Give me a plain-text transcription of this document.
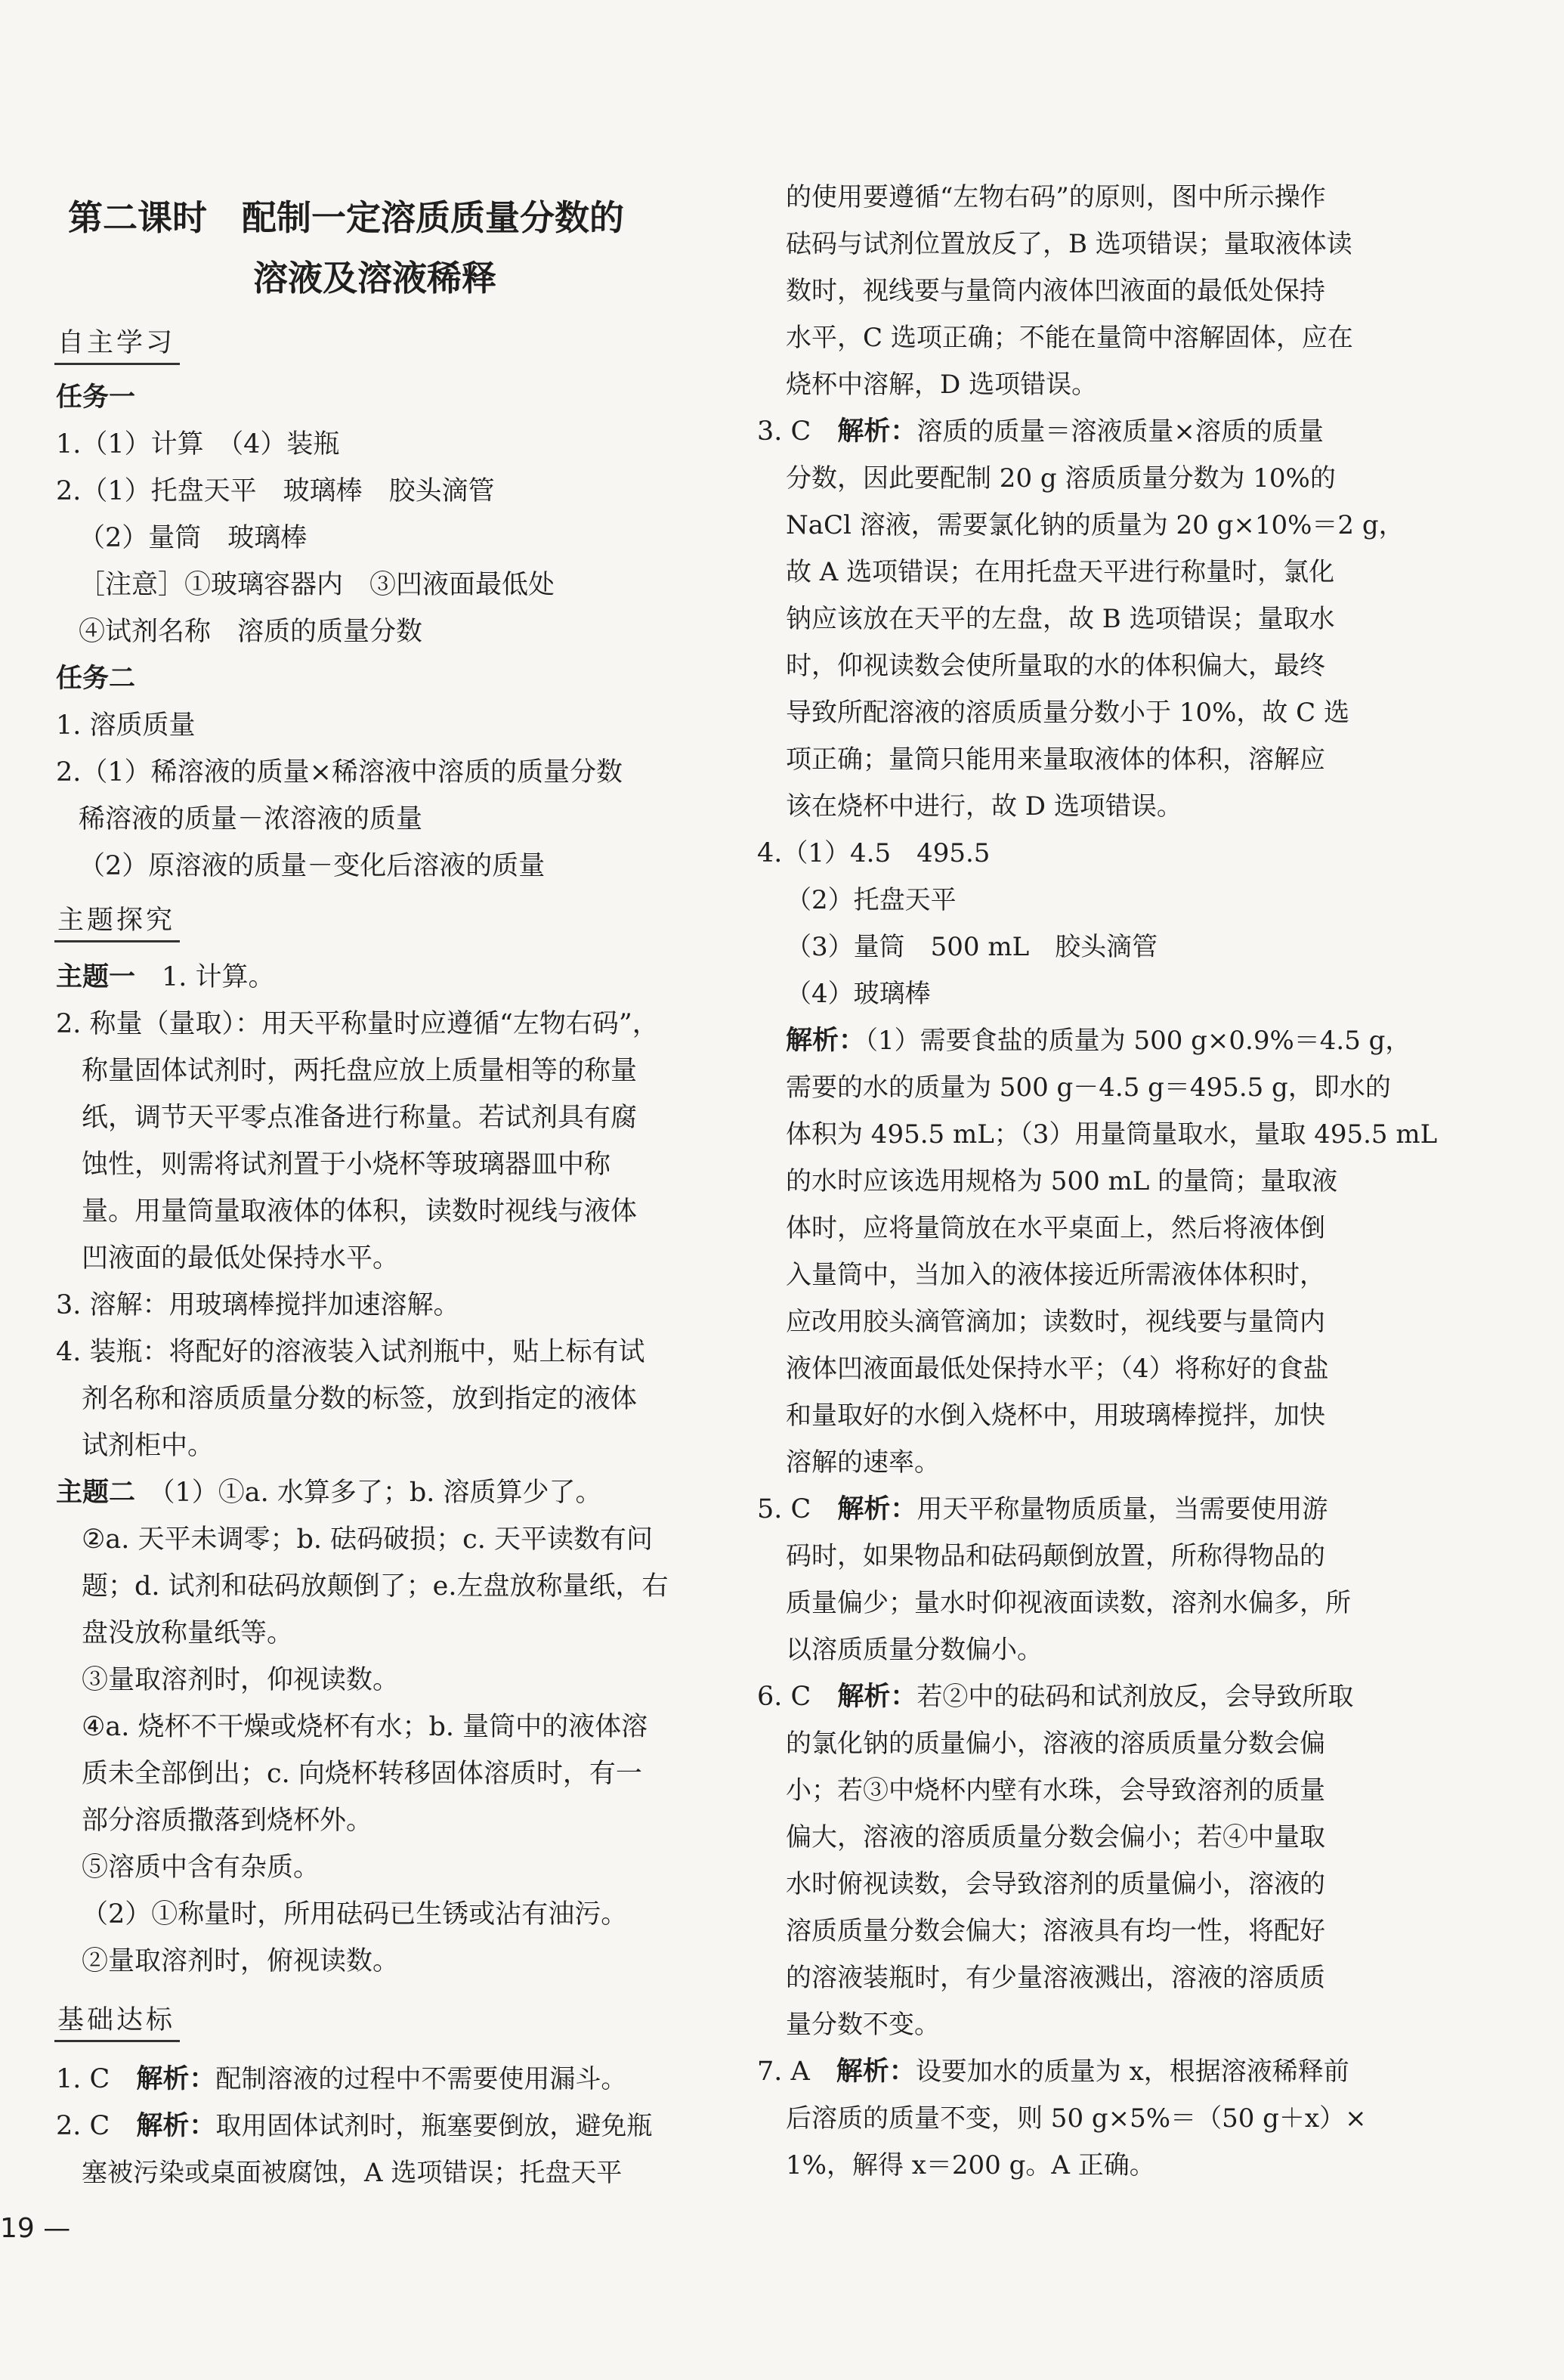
第二课时　配制一定溶质质量分数的
溶液及溶液稀释
自主学习
主题探究
基础达标
任务一
1.（1）计算　（4）装瓶
2.（1）托盘天平　玻璃棒　胶头滴管
（2）量筒　玻璃棒
［注意］①玻璃容器内　③凹液面最低处
④试剂名称　溶质的质量分数
任务二
1. 溶质质量
2.（1）稀溶液的质量×稀溶液中溶质的质量分数
稀溶液的质量－浓溶液的质量
（2）原溶液的质量－变化后溶液的质量
主题一　1. 计算。
2. 称量（量取）：用天平称量时应遵循“左物右码”，
称量固体试剂时，两托盘应放上质量相等的称量
纸，调节天平零点准备进行称量。若试剂具有腐
蚀性，则需将试剂置于小烧杯等玻璃器皿中称
量。用量筒量取液体的体积，读数时视线与液体
凹液面的最低处保持水平。
3. 溶解：用玻璃棒搅拌加速溶解。
4. 装瓶：将配好的溶液装入试剂瓶中，贴上标有试
剂名称和溶质质量分数的标签，放到指定的液体
试剂柜中。
主题二　（1）①a. 水算多了；b. 溶质算少了。
②a. 天平未调零；b. 砝码破损；c. 天平读数有问
题；d. 试剂和砝码放颠倒了；e.左盘放称量纸，右
盘没放称量纸等。
③量取溶剂时，仰视读数。
④a. 烧杯不干燥或烧杯有水；b. 量筒中的液体溶
质未全部倒出；c. 向烧杯转移固体溶质时，有一
部分溶质撒落到烧杯外。
⑤溶质中含有杂质。
（2）①称量时，所用砝码已生锈或沾有油污。
②量取溶剂时，俯视读数。
1. C　解析：配制溶液的过程中不需要使用漏斗。
2. C　解析：取用固体试剂时，瓶塞要倒放，避免瓶
塞被污染或桌面被腐蚀，A 选项错误；托盘天平
的使用要遵循“左物右码”的原则，图中所示操作
砝码与试剂位置放反了，B 选项错误；量取液体读
数时，视线要与量筒内液体凹液面的最低处保持
水平，C 选项正确；不能在量筒中溶解固体，应在
烧杯中溶解，D 选项错误。
3. C　解析：溶质的质量＝溶液质量×溶质的质量
分数，因此要配制 20 g 溶质质量分数为 10%的
NaCl 溶液，需要氯化钠的质量为 20 g×10%＝2 g，
故 A 选项错误；在用托盘天平进行称量时，氯化
钠应该放在天平的左盘，故 B 选项错误；量取水
时，仰视读数会使所量取的水的体积偏大，最终
导致所配溶液的溶质质量分数小于 10%，故 C 选
项正确；量筒只能用来量取液体的体积，溶解应
该在烧杯中进行，故 D 选项错误。
4.（1）4.5　495.5
（2）托盘天平
（3）量筒　500 mL　胶头滴管
（4）玻璃棒
解析：（1）需要食盐的质量为 500 g×0.9%＝4.5 g，
需要的水的质量为 500 g－4.5 g＝495.5 g，即水的
体积为 495.5 mL；（3）用量筒量取水，量取 495.5 mL
的水时应该选用规格为 500 mL 的量筒；量取液
体时，应将量筒放在水平桌面上，然后将液体倒
入量筒中，当加入的液体接近所需液体体积时，
应改用胶头滴管滴加；读数时，视线要与量筒内
液体凹液面最低处保持水平；（4）将称好的食盐
和量取好的水倒入烧杯中，用玻璃棒搅拌，加快
溶解的速率。
5. C　解析：用天平称量物质质量，当需要使用游
码时，如果物品和砝码颠倒放置，所称得物品的
质量偏少；量水时仰视液面读数，溶剂水偏多，所
以溶质质量分数偏小。
6. C　解析：若②中的砝码和试剂放反，会导致所取
的氯化钠的质量偏小，溶液的溶质质量分数会偏
小；若③中烧杯内壁有水珠，会导致溶剂的质量
偏大，溶液的溶质质量分数会偏小；若④中量取
水时俯视读数，会导致溶剂的质量偏小，溶液的
溶质质量分数会偏大；溶液具有均一性，将配好
的溶液装瓶时，有少量溶液溅出，溶液的溶质质
量分数不变。
7. A　解析：设要加水的质量为 x，根据溶液稀释前
后溶质的质量不变，则 50 g×5%＝（50 g＋x）×
1%，解得 x＝200 g。A 正确。
19 —
